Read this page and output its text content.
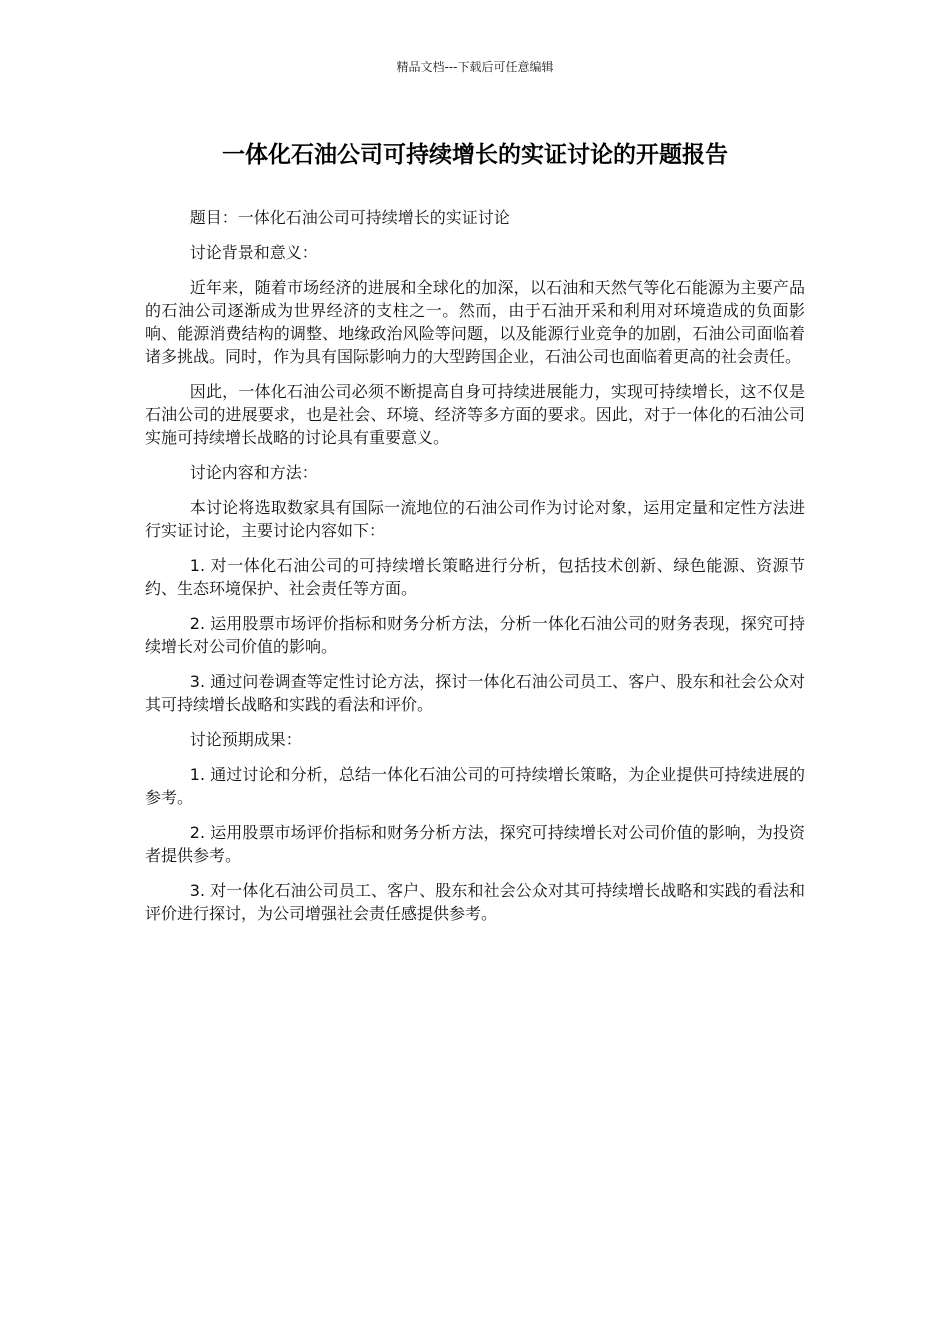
精品文档---下载后可任意编辑
一体化石油公司可持续增长的实证讨论的开题报告

题目：一体化石油公司可持续增长的实证讨论

讨论背景和意义：

近年来，随着市场经济的进展和全球化的加深，以石油和天然气等化石能源为主要产品的石油公司逐渐成为世界经济的支柱之一。然而，由于石油开采和利用对环境造成的负面影响、能源消费结构的调整、地缘政治风险等问题，以及能源行业竞争的加剧，石油公司面临着诸多挑战。同时，作为具有国际影响力的大型跨国企业，石油公司也面临着更高的社会责任。

因此，一体化石油公司必须不断提高自身可持续进展能力，实现可持续增长，这不仅是石油公司的进展要求，也是社会、环境、经济等多方面的要求。因此，对于一体化的石油公司实施可持续增长战略的讨论具有重要意义。

讨论内容和方法：

本讨论将选取数家具有国际一流地位的石油公司作为讨论对象，运用定量和定性方法进行实证讨论，主要讨论内容如下：

1. 对一体化石油公司的可持续增长策略进行分析，包括技术创新、绿色能源、资源节约、生态环境保护、社会责任等方面。

2. 运用股票市场评价指标和财务分析方法，分析一体化石油公司的财务表现，探究可持续增长对公司价值的影响。

3. 通过问卷调查等定性讨论方法，探讨一体化石油公司员工、客户、股东和社会公众对其可持续增长战略和实践的看法和评价。

讨论预期成果：

1. 通过讨论和分析，总结一体化石油公司的可持续增长策略，为企业提供可持续进展的参考。

2. 运用股票市场评价指标和财务分析方法，探究可持续增长对公司价值的影响，为投资者提供参考。

3. 对一体化石油公司员工、客户、股东和社会公众对其可持续增长战略和实践的看法和评价进行探讨，为公司增强社会责任感提供参考。
